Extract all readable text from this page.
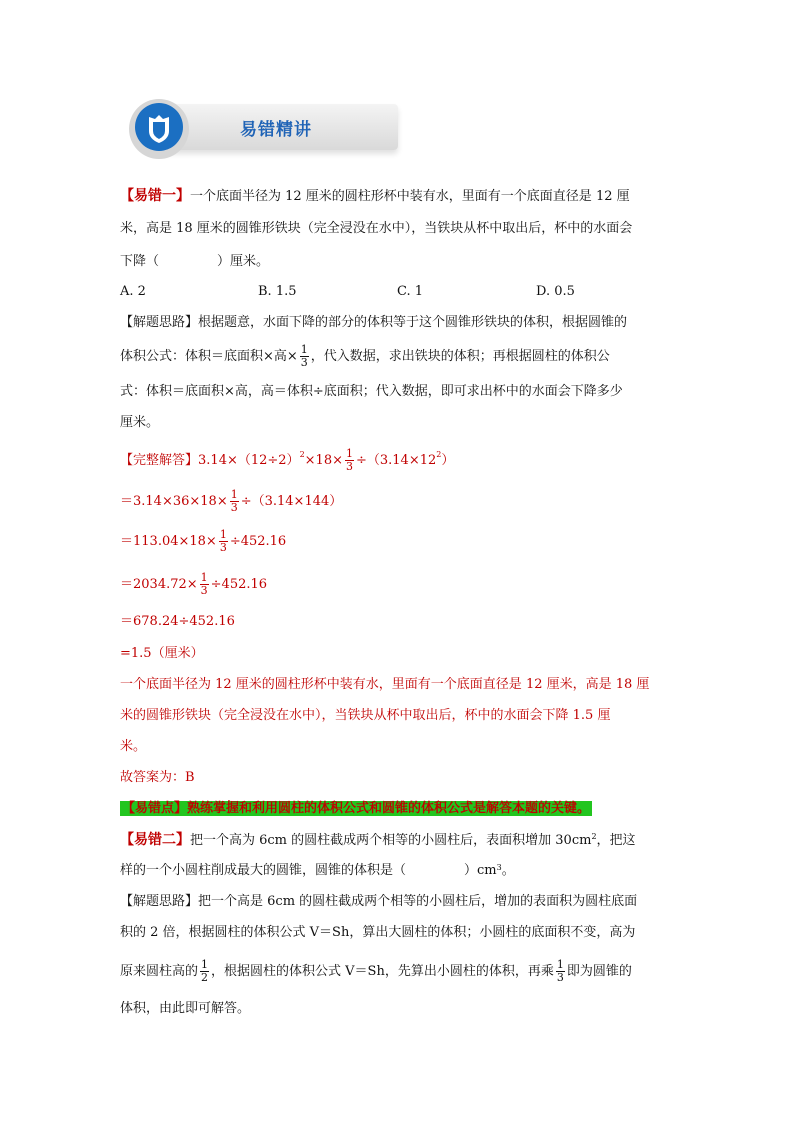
易错精讲
【易错一】一个底面半径为 12 厘米的圆柱形杯中装有水，里面有一个底面直径是 12 厘
米，高是 18 厘米的圆锥形铁块（完全浸没在水中），当铁块从杯中取出后，杯中的水面会
下降（	）厘米。
A. 2	B. 1.5	C. 1	D. 0.5
【解题思路】根据题意，水面下降的部分的体积等于这个圆锥形铁块的体积，根据圆锥的
体积公式：体积＝底面积×高× $\frac{1}{3}$ ，代入数据，求出铁块的体积；再根据圆柱的体积公
式：体积＝底面积×高，高＝体积÷底面积；代入数据，即可求出杯中的水面会下降多少
厘米。
【完整解答】$3.14\times(12\div 2)^2\times 18\times \frac{1}{3} \div(3.14\times 12^2)$
$=3.14\times 36\times 18\times \frac{1}{3} \div(3.14\times 144)$
$=113.04\times 18\times \frac{1}{3} \div 452.16$
$=2034.72\times \frac{1}{3} \div 452.16$
＝678.24÷452.16
=1.5（厘米）
一个底面半径为 12 厘米的圆柱形杯中装有水，里面有一个底面直径是 12 厘米，高是 18 厘
米的圆锥形铁块（完全浸没在水中），当铁块从杯中取出后，杯中的水面会下降 1.5 厘
米。
故答案为：B
【易错点】熟练掌握和利用圆柱的体积公式和圆锥的体积公式是解答本题的关键。
【易错二】把一个高为 6cm 的圆柱截成两个相等的小圆柱后，表面积增加 $30cm^2$，把这
样的一个小圆柱削成最大的圆锥，圆锥的体积是（	）$cm^3$。
【解题思路】把一个高是 6cm 的圆柱截成两个相等的小圆柱后，增加的表面积为圆柱底面
积的 2 倍，根据圆柱的体积公式 V＝Sh，算出大圆柱的体积；小圆柱的底面积不变，高为
原来圆柱高的 $\frac{1}{2}$ ，根据圆柱的体积公式 V＝Sh，先算出小圆柱的体积，再乘 $\frac{1}{3}$ 即为圆锥的
体积，由此即可解答。
